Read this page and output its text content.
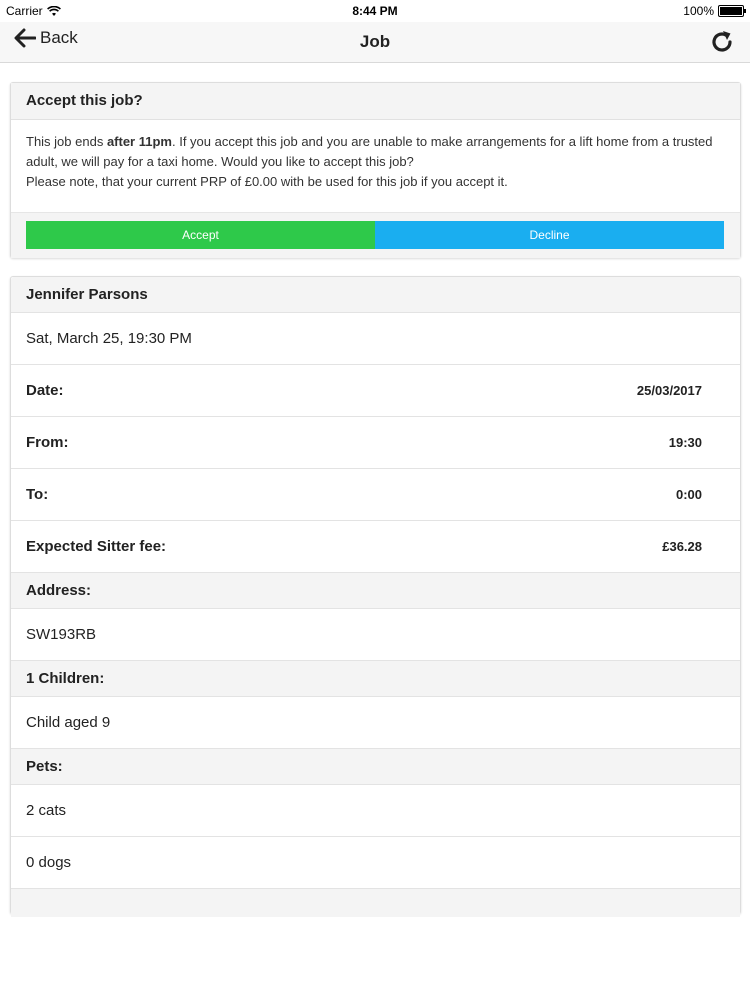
Carrier	8:44 PM	100%
Back	Job
Accept this job?
This job ends after 11pm. If you accept this job and you are unable to make arrangements for a lift home from a trusted adult, we will pay for a taxi home. Would you like to accept this job?
Please note, that your current PRP of £0.00 with be used for this job if you accept it.
Accept	Decline
Jennifer Parsons
Sat, March 25, 19:30 PM
Date:	25/03/2017
From:	19:30
To:	0:00
Expected Sitter fee:	£36.28
Address:
SW193RB
1 Children:
Child aged 9
Pets:
2 cats
0 dogs
